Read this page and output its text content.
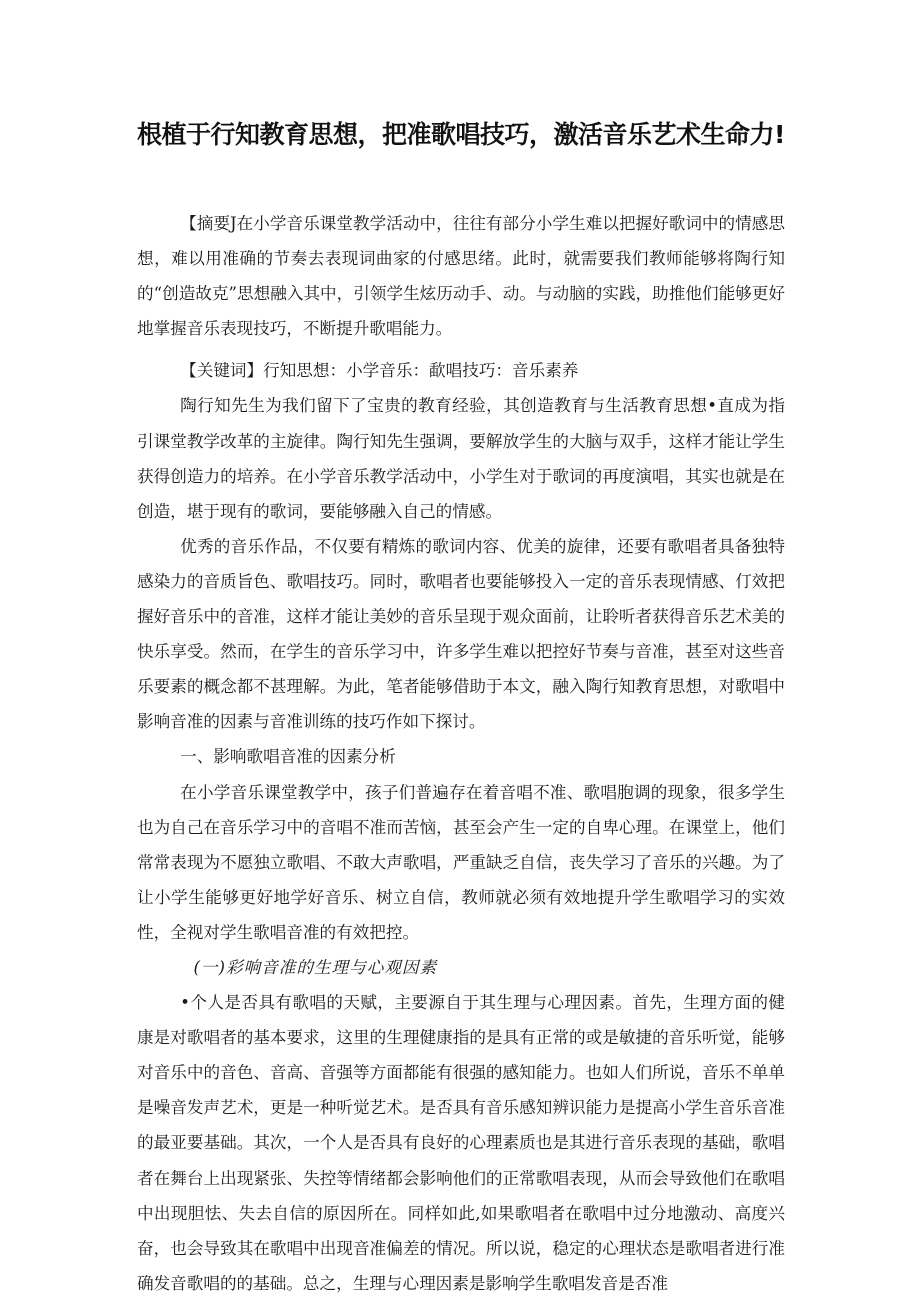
根植于行知教育思想，把准歌唱技巧，激活音乐艺术生命力!

【摘要J在小学音乐课堂教学活动中，往往有部分小学生难以把握好歌词中的情感思想，难以用准确的节奏去表现词曲家的付感思绪。此时，就需要我们教师能够将陶行知的“创造故克”思想融入其中，引领学生炫历动手、动。与动脑的实践，助推他们能够更好地掌握音乐表现技巧，不断提升歌唱能力。

【关键词】行知思想：小学音乐：歃唱技巧：音乐素养

陶行知先生为我们留下了宝贵的教育经验，其创造教育与生活教育思想•直成为指引课堂教学改革的主旋律。陶行知先生强调，要解放学生的大脑与双手，这样才能让学生获得创造力的培养。在小学音乐教学活动中，小学生对于歌词的再度演唱，其实也就是在创造，堪于现有的歌词，要能够融入自己的情感。

优秀的音乐作品，不仅要有精炼的歌词内容、优美的旋律，还要有歌唱者具备独特感染力的音质旨色、歌唱技巧。同时，歌唱者也要能够投入一定的音乐表现情感、仃效把握好音乐中的音准，这样才能让美妙的音乐呈现于观众面前，让聆听者获得音乐艺术美的快乐享受。然而，在学生的音乐学习中，许多学生难以把控好节奏与音准，甚至对这些音乐要素的概念都不甚理解。为此，笔者能够借助于本文，融入陶行知教育思想，对歌唱中影响音准的因素与音准训练的技巧作如下探讨。

一、影响歌唱音准的因素分析

在小学音乐课堂教学中，孩子们普遍存在着音唱不准、歌唱胞调的现象，很多学生也为自己在音乐学习中的音唱不准而苦恼，甚至会产生一定的自卑心理。在课堂上，他们常常表现为不愿独立歌唱、不敢大声歌唱，严重缺乏自信，丧失学习了音乐的兴趣。为了让小学生能够更好地学好音乐、树立自信，教师就必须有效地提升学生歌唱学习的实效性，全视对学生歌唱音准的有效把控。

(一)彩响音准的生理与心观因素

•个人是否具有歌唱的天赋，主要源自于其生理与心理因素。首先，生理方面的健康是对歌唱者的基本要求，这里的生理健康指的是具有正常的或是敏捷的音乐听觉，能够对音乐中的音色、音高、音强等方面都能有很强的感知能力。也如人们所说，音乐不单单是噪音发声艺术，更是一种听觉艺术。是否具有音乐感知辨识能力是提高小学生音乐音准的最亚要基础。其次，一个人是否具有良好的心理素质也是其进行音乐表现的基础，歌唱者在舞台上出现紧张、失控等情绪都会影响他们的正常歌唱表现，从而会导致他们在歌唱中出现胆怯、失去自信的原因所在。同样如此,如果歌唱者在歌唱中过分地激动、高度兴奋，也会导致其在歌唱中出现音准偏差的情况。所以说，稳定的心理状态是歌唱者进行准确发音歌唱的的基础。总之，生理与心理因素是影响学生歌唱发音是否准
